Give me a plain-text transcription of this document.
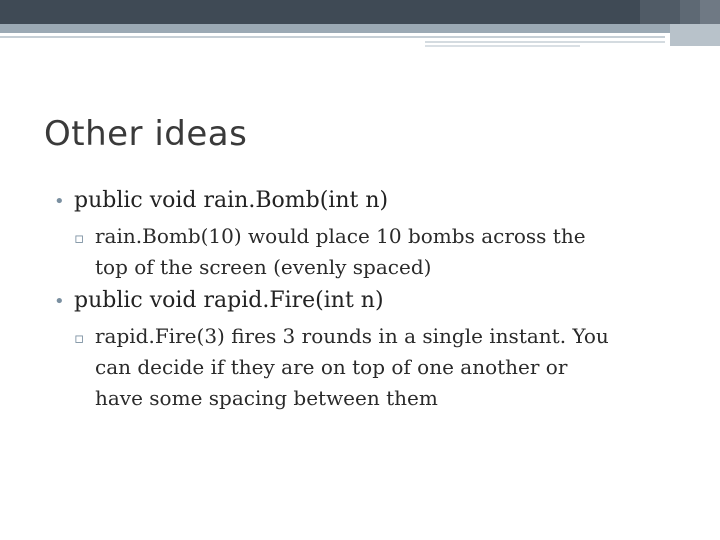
Other ideas
• public void rain.Bomb(int n)
▫ rain.Bomb(10) would place 10 bombs across the
top of the screen (evenly spaced)
• public void rapid.Fire(int n)
▫ rapid.Fire(3) fires 3 rounds in a single instant. You
can decide if they are on top of one another or
have some spacing between them
